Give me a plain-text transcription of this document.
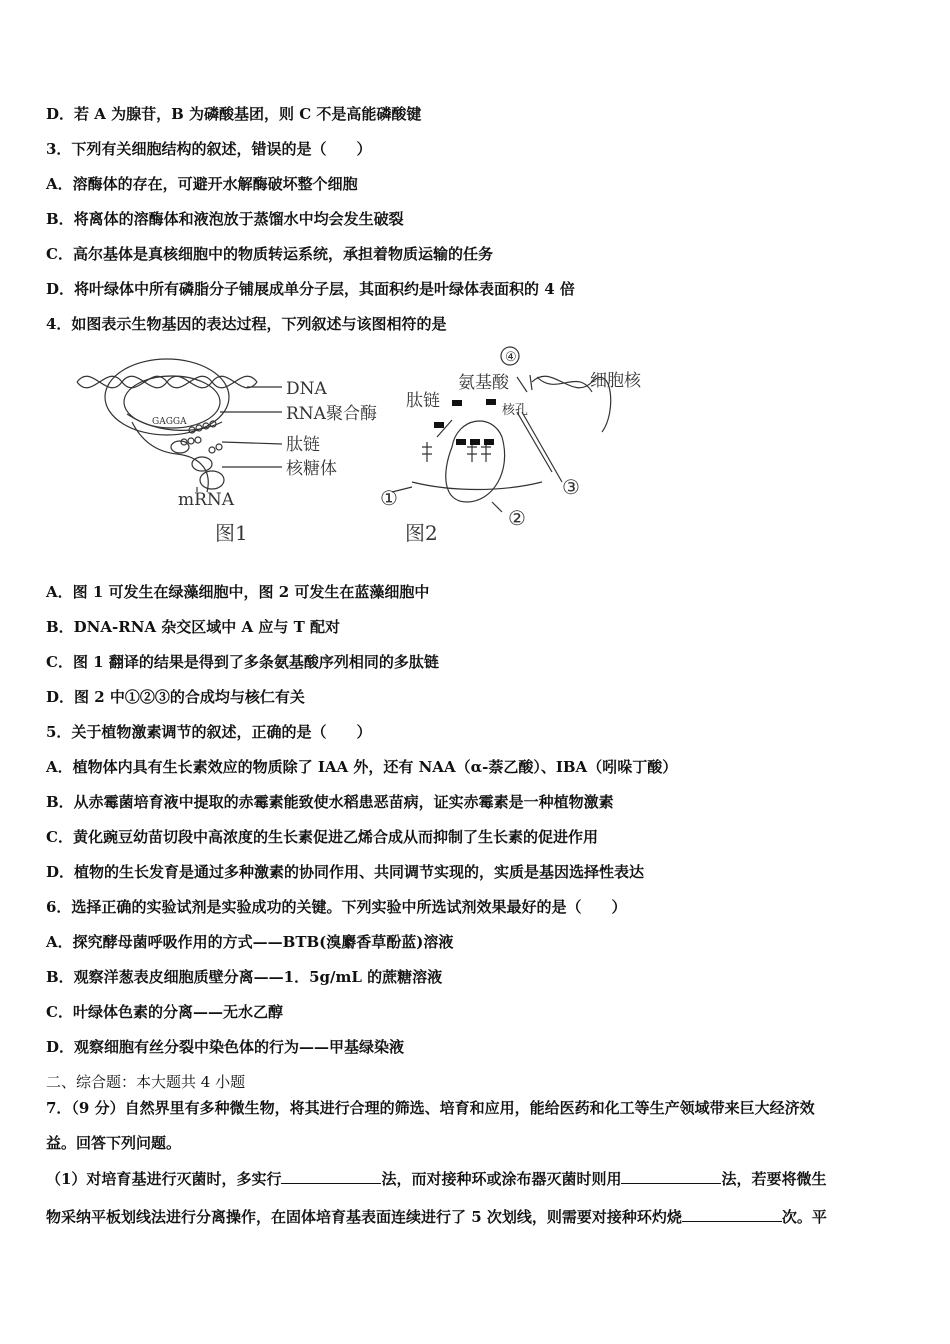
D．若 A 为腺苷，B 为磷酸基团，则 C 不是高能磷酸键
3．下列有关细胞结构的叙述，错误的是（　　）
A．溶酶体的存在，可避开水解酶破坏整个细胞
B．将离体的溶酶体和液泡放于蒸馏水中均会发生破裂
C．高尔基体是真核细胞中的物质转运系统，承担着物质运输的任务
D．将叶绿体中所有磷脂分子铺展成单分子层，其面积约是叶绿体表面积的 4 倍
4．如图表示生物基因的表达过程，下列叙述与该图相符的是
A．图 1 可发生在绿藻细胞中，图 2 可发生在蓝藻细胞中
B．DNA-RNA 杂交区域中 A 应与 T 配对
C．图 1 翻译的结果是得到了多条氨基酸序列相同的多肽链
D．图 2 中①②③的合成均与核仁有关
5．关于植物激素调节的叙述，正确的是（　　）
A．植物体内具有生长素效应的物质除了 IAA 外，还有 NAA（α-萘乙酸）、IBA（吲哚丁酸）
B．从赤霉菌培育液中提取的赤霉素能致使水稻患恶苗病，证实赤霉素是一种植物激素
C．黄化豌豆幼苗切段中高浓度的生长素促进乙烯合成从而抑制了生长素的促进作用
D．植物的生长发育是通过多种激素的协同作用、共同调节实现的，实质是基因选择性表达
6．选择正确的实验试剂是实验成功的关键。下列实验中所选试剂效果最好的是（　　）
A．探究酵母菌呼吸作用的方式——BTB(溴麝香草酚蓝)溶液
B．观察洋葱表皮细胞质壁分离——1．5g/mL 的蔗糖溶液
C．叶绿体色素的分离——无水乙醇
D．观察细胞有丝分裂中染色体的行为——甲基绿染液
二、综合题：本大题共 4 小题
7．（9 分）自然界里有多种微生物，将其进行合理的筛选、培育和应用，能给医药和化工等生产领域带来巨大经济效
益。回答下列问题。
（1）对培育基进行灭菌时，多实行	法，而对接种环或涂布器灭菌时则用	法，若要将微生
物采纳平板划线法进行分离操作，在固体培育基表面连续进行了 5 次划线，则需要对接种环灼烧	次。平
GAGGA
DNA
RNA聚合酶
肽链
核糖体
mRNA
图1
④
氨基酸	细胞核
肽链	核孔
①
②
③
图2
